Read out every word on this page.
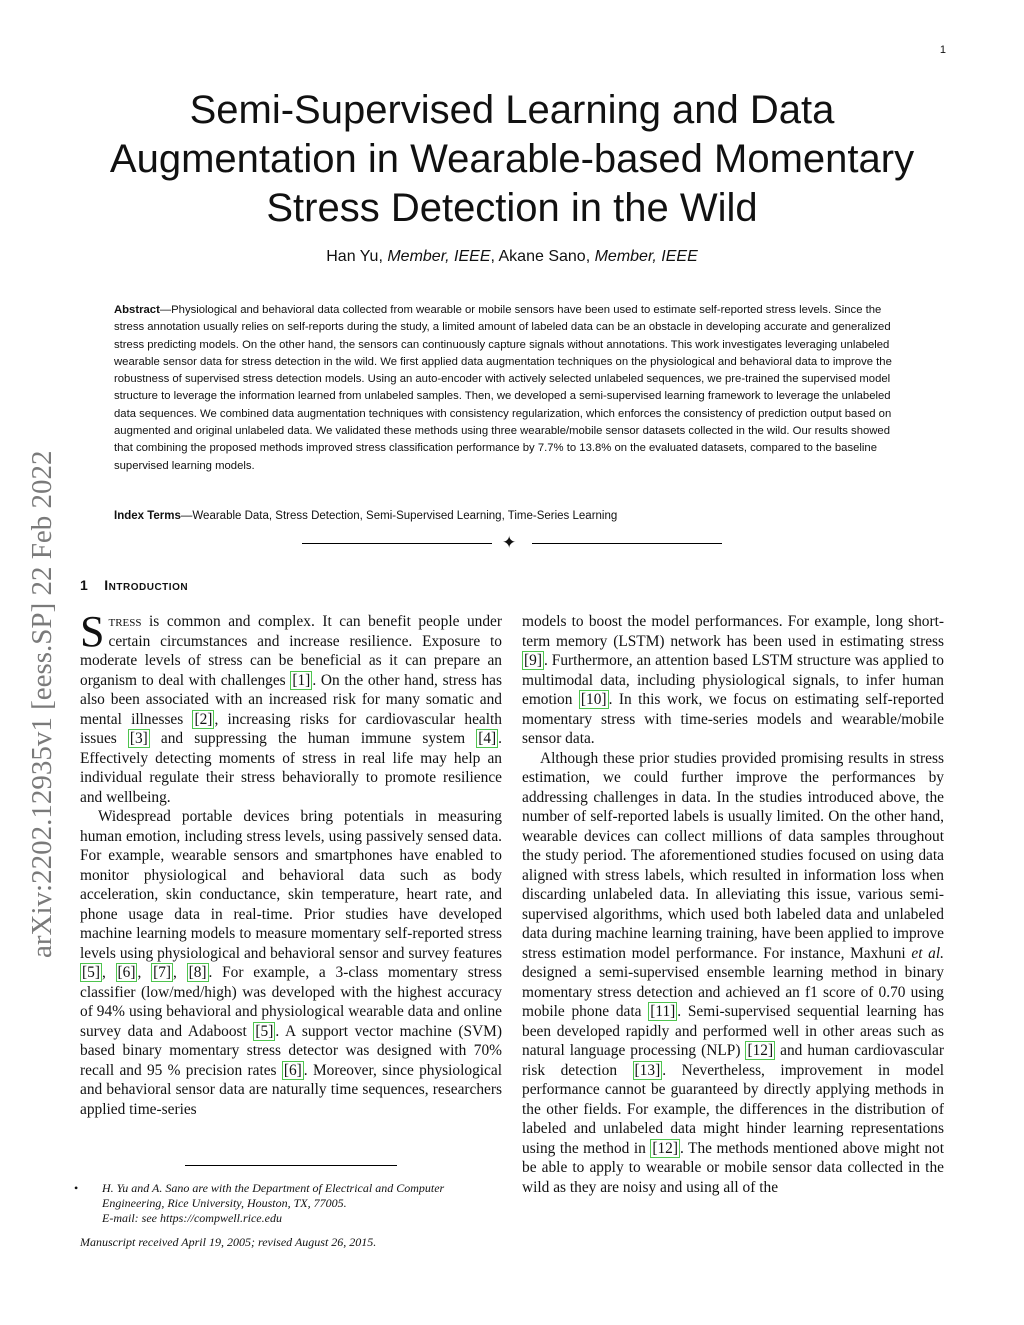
1
arXiv:2202.12935v1 [eess.SP] 22 Feb 2022
Semi-Supervised Learning and Data Augmentation in Wearable-based Momentary Stress Detection in the Wild
Han Yu, Member, IEEE, Akane Sano, Member, IEEE

Abstract—Physiological and behavioral data collected from wearable or mobile sensors have been used to estimate self-reported stress levels. Since the stress annotation usually relies on self-reports during the study, a limited amount of labeled data can be an obstacle in developing accurate and generalized stress predicting models. On the other hand, the sensors can continuously capture signals without annotations. This work investigates leveraging unlabeled wearable sensor data for stress detection in the wild. We first applied data augmentation techniques on the physiological and behavioral data to improve the robustness of supervised stress detection models. Using an auto-encoder with actively selected unlabeled sequences, we pre-trained the supervised model structure to leverage the information learned from unlabeled samples. Then, we developed a semi-supervised learning framework to leverage the unlabeled data sequences. We combined data augmentation techniques with consistency regularization, which enforces the consistency of prediction output based on augmented and original unlabeled data. We validated these methods using three wearable/mobile sensor datasets collected in the wild. Our results showed that combining the proposed methods improved stress classification performance by 7.7% to 13.8% on the evaluated datasets, compared to the baseline supervised learning models.

Index Terms—Wearable Data, Stress Detection, Semi-Supervised Learning, Time-Series Learning
✦
1 Introduction

Stress is common and complex. It can benefit people under certain circumstances and increase resilience. Exposure to moderate levels of stress can be beneficial as it can prepare an organism to deal with challenges [1] . On the other hand, stress has also been associated with an increased risk for many somatic and mental illnesses [2] , increasing risks for cardiovascular health issues [3] and suppressing the human immune system [4] . Effectively detecting moments of stress in real life may help an individual regulate their stress behaviorally to promote resilience and wellbeing.

Widespread portable devices bring potentials in measuring human emotion, including stress levels, using passively sensed data. For example, wearable sensors and smartphones have enabled to monitor physiological and behavioral data such as body acceleration, skin conductance, skin temperature, heart rate, and phone usage data in real-time. Prior studies have developed machine learning models to measure momentary self-reported stress levels using physiological and behavioral sensor and survey features [5] , [6] , [7] , [8] . For example, a 3-class momentary stress classifier (low/med/high) was developed with the highest accuracy of 94% using behavioral and physiological wearable data and online survey data and Adaboost [5] . A support vector machine (SVM) based binary momentary stress detector was designed with 70% recall and 95 % precision rates [6] . Moreover, since physiological and behavioral sensor data are naturally time sequences, researchers applied time-series

models to boost the model performances. For example, long short-term memory (LSTM) network has been used in estimating stress [9] . Furthermore, an attention based LSTM structure was applied to multimodal data, including physiological signals, to infer human emotion [10] . In this work, we focus on estimating self-reported momentary stress with time-series models and wearable/mobile sensor data.

Although these prior studies provided promising results in stress estimation, we could further improve the performances by addressing challenges in data. In the studies introduced above, the number of self-reported labels is usually limited. On the other hand, wearable devices can collect millions of data samples throughout the study period. The aforementioned studies focused on using data aligned with stress labels, which resulted in information loss when discarding unlabeled data. In alleviating this issue, various semi-supervised algorithms, which used both labeled data and unlabeled data during machine learning training, have been applied to improve stress estimation model performance. For instance, Maxhuni et al. designed a semi-supervised ensemble learning method in binary momentary stress detection and achieved an f1 score of 0.70 using mobile phone data [11] . Semi-supervised sequential learning has been developed rapidly and performed well in other areas such as natural language processing (NLP) [12] and human cardiovascular risk detection [13] . Nevertheless, improvement in model performance cannot be guaranteed by directly applying methods in the other fields. For example, the differences in the distribution of labeled and unlabeled data might hinder learning representations using the method in [12] . The methods mentioned above might not be able to apply to wearable or mobile sensor data collected in the wild as they are noisy and using all of the

• H. Yu and A. Sano are with the Department of Electrical and Computer Engineering, Rice University, Houston, TX, 77005.
E-mail: see https://compwell.rice.edu
Manuscript received April 19, 2005; revised August 26, 2015.
